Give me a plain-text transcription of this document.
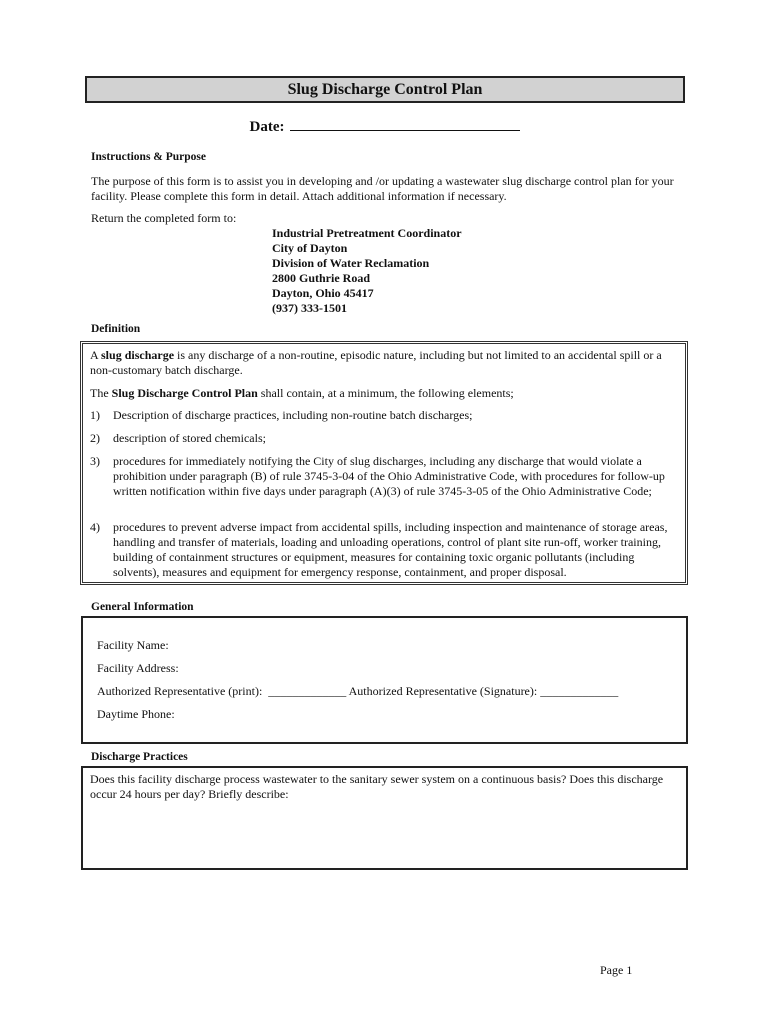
Slug Discharge Control Plan
Date:
Instructions & Purpose
The purpose of this form is to assist you in developing and /or updating a wastewater slug discharge control plan for your facility. Please complete this form in detail. Attach additional information if necessary.
Return the completed form to:
Industrial Pretreatment Coordinator
City of Dayton
Division of Water Reclamation
2800 Guthrie Road
Dayton, Ohio 45417
(937) 333-1501
Definition
A slug discharge is any discharge of a non-routine, episodic nature, including but not limited to an accidental spill or a non-customary batch discharge.
The Slug Discharge Control Plan shall contain, at a minimum, the following elements;
1)	Description of discharge practices, including non-routine batch discharges;
2)	description of stored chemicals;
3)	procedures for immediately notifying the City of slug discharges, including any discharge that would violate a prohibition under paragraph (B) of rule 3745-3-04 of the Ohio Administrative Code, with procedures for follow-up written notification within five days under paragraph (A)(3) of rule 3745-3-05 of the Ohio Administrative Code;
4)	procedures to prevent adverse impact from accidental spills, including inspection and maintenance of storage areas, handling and transfer of materials, loading and unloading operations, control of plant site run-off, worker training, building of containment structures or equipment, measures for containing toxic organic pollutants (including solvents), measures and equipment for emergency response, containment, and proper disposal.
General Information
Facility Name:
Facility Address:
Authorized Representative (print):  _____________ Authorized Representative (Signature): _____________
Daytime Phone:
Discharge Practices
Does this facility discharge process wastewater to the sanitary sewer system on a continuous basis? Does this discharge occur 24 hours per day? Briefly describe:
Page 1
